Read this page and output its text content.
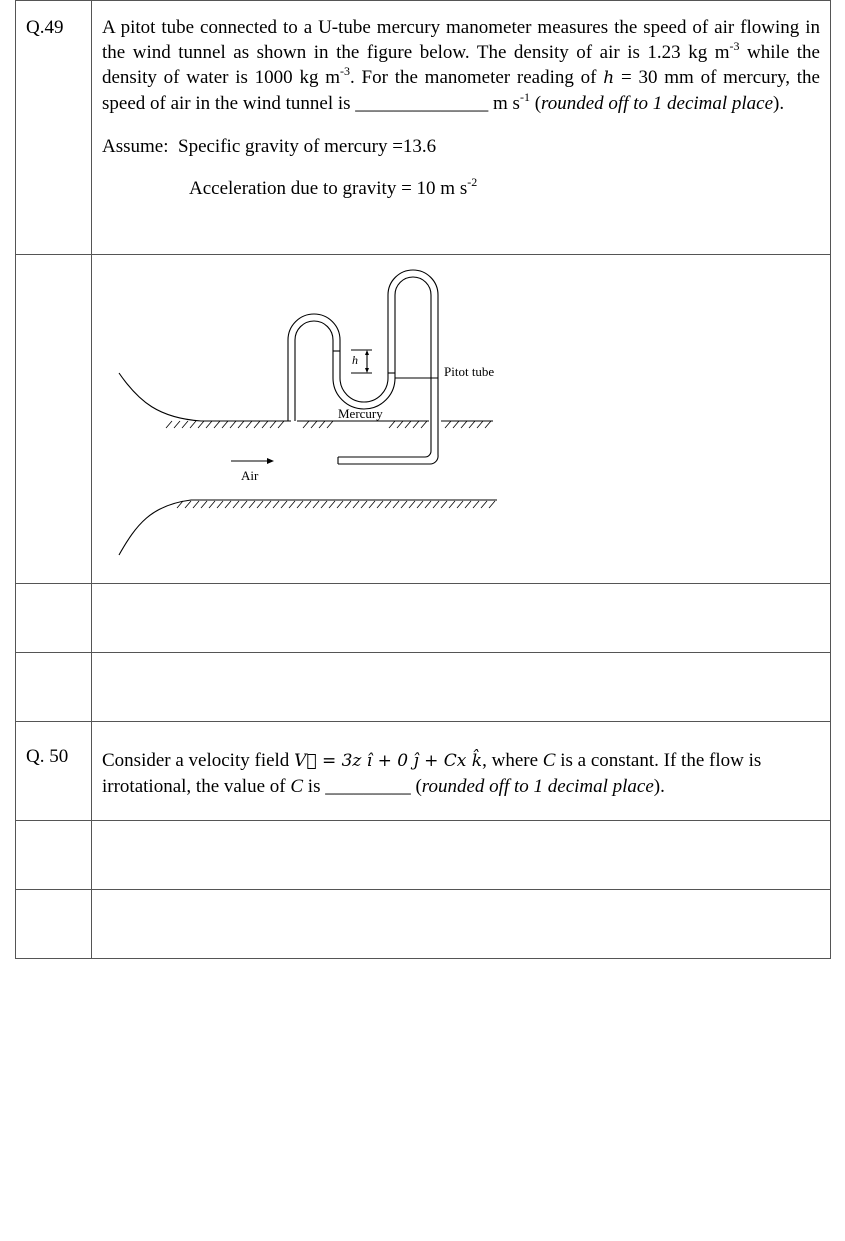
Q.49	A pitot tube connected to a U-tube mercury manometer measures the speed of air flowing in the wind tunnel as shown in the figure below. The density of air is 1.23 kg $m^{-3}$ while the density of water is 1000 kg $m^{-3}$. For the manometer reading of h = 30 mm of mercury, the speed of air in the wind tunnel is ______________ m $s^{-1}$ (rounded off to 1 decimal place).

Assume: Specific gravity of mercury =13.6

Acceleration due to gravity = 10 m $s^{-2}$

h
Pitot tube
Mercury
Air

Q. 50	Consider a velocity field V⃗ = 3z î + 0 ĵ + Cx k̂, where C is a constant. If the flow is irrotational, the value of C is _________ (rounded off to 1 decimal place).
